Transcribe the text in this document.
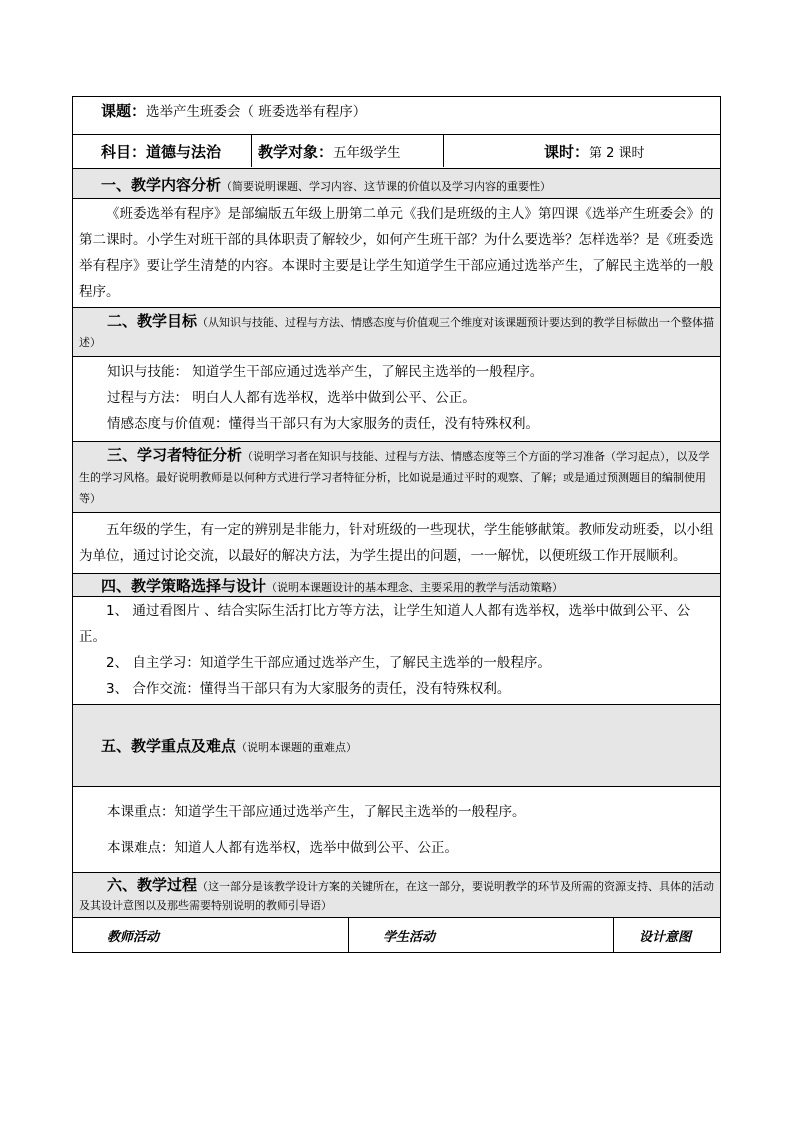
课题：选举产生班委会（ 班委选举有程序）

科目： 道德与法治 教学对象： 五年级学生	课时： 第 2 课时

一、教学内容分析（简要说明课题、学习内容、这节课的价值以及学习内容的重要性）

《班委选举有程序》是部编版五年级上册第二单元《我们是班级的主人》第四课《选举产生班委会》的第二课时。小学生对班干部的具体职责了解较少，如何产生班干部？为什么要选举？怎样选举？是《班委选举有程序》要让学生清楚的内容。本课时主要是让学生知道学生干部应通过选举产生，了解民主选举的一般程序。

二、教学目标（从知识与技能、过程与方法、情感态度与价值观三个维度对该课题预计要达到的教学目标做出一个整体描述）

知识与技能： 知道学生干部应通过选举产生，了解民主选举的一般程序。
过程与方法： 明白人人都有选举权，选举中做到公平、公正。
情感态度与价值观：懂得当干部只有为大家服务的责任，没有特殊权利。

三、学习者特征分析（说明学习者在知识与技能、过程与方法、情感态度等三个方面的学习准备（学习起点），以及学生的学习风格。最好说明教师是以何种方式进行学习者特征分析，比如说是通过平时的观察、了解；或是通过预测题目的编制使用等）

五年级的学生，有一定的辨别是非能力，针对班级的一些现状，学生能够献策。教师发动班委，以小组为单位，通过讨论交流，以最好的解决方法，为学生提出的问题，一一解忧，以便班级工作开展顺利。

四、教学策略选择与设计（说明本课题设计的基本理念、主要采用的教学与活动策略）

1、 通过看图片 、结合实际生活打比方等方法，让学生知道人人都有选举权，选举中做到公平、公正。
2、 自主学习：知道学生干部应通过选举产生，了解民主选举的一般程序。
3、 合作交流：懂得当干部只有为大家服务的责任，没有特殊权利。

五、教学重点及难点（说明本课题的重难点）

本课重点：知道学生干部应通过选举产生，了解民主选举的一般程序。
本课难点：知道人人都有选举权，选举中做到公平、公正。

六、教学过程（这一部分是该教学设计方案的关键所在，在这一部分，要说明教学的环节及所需的资源支持、具体的活动及其设计意图以及那些需要特别说明的教师引导语）

教师活动	学生活动	设计意图
